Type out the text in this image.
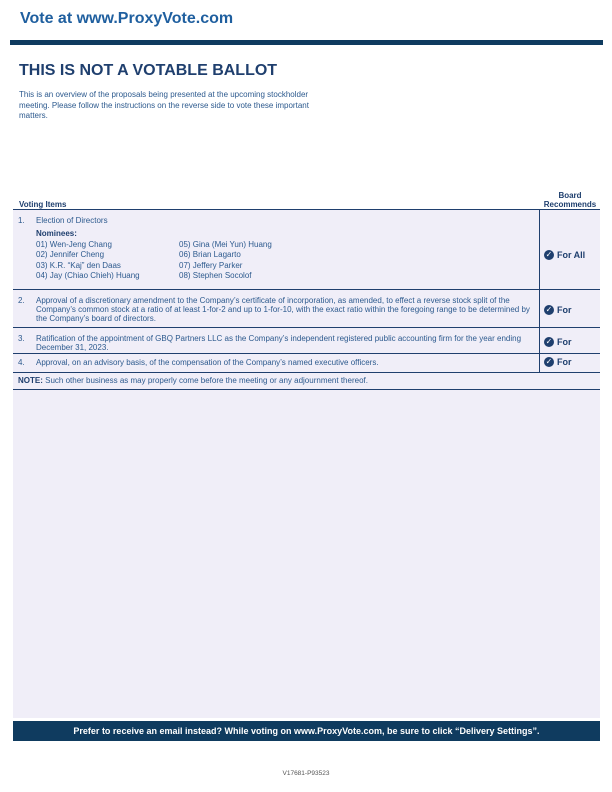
Vote at www.ProxyVote.com
THIS IS NOT A VOTABLE BALLOT
This is an overview of the proposals being presented at the upcoming stockholder meeting. Please follow the instructions on the reverse side to vote these important matters.
Voting Items
Board Recommends
1. Election of Directors
Nominees:
01) Wen-Jeng Chang
02) Jennifer Cheng
03) K.R. “Kaj” den Daas
04) Jay (Chiao Chieh) Huang
05) Gina (Mei Yun) Huang
06) Brian Lagarto
07) Jeffery Parker
08) Stephen Socolof
✓ For All
2. Approval of a discretionary amendment to the Company’s certificate of incorporation, as amended, to effect a reverse stock split of the Company’s common stock at a ratio of at least 1-for-2 and up to 1-for-10, with the exact ratio within the foregoing range to be determined by the Company’s board of directors.
✓ For
3. Ratification of the appointment of GBQ Partners LLC as the Company’s independent registered public accounting firm for the year ending December 31, 2023.
✓ For
4. Approval, on an advisory basis, of the compensation of the Company’s named executive officers.	✓ For
NOTE: Such other business as may properly come before the meeting or any adjournment thereof.
Prefer to receive an email instead? While voting on www.ProxyVote.com, be sure to click “Delivery Settings”.
V17681-P93523
